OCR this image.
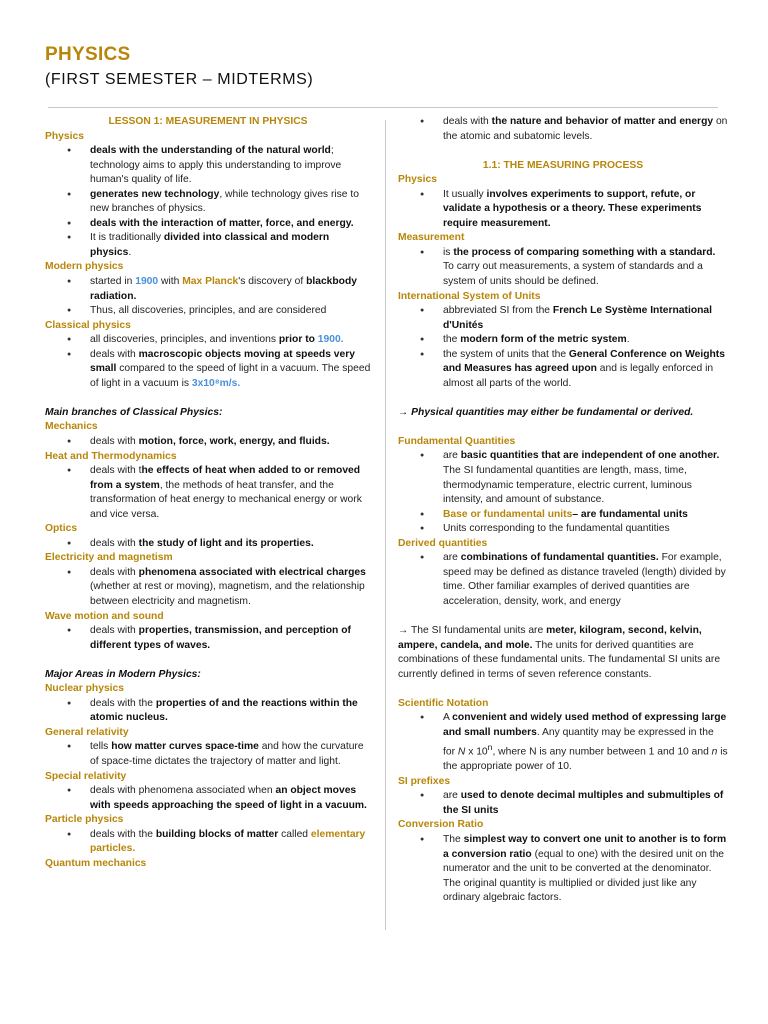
PHYSICS
(FIRST SEMESTER – MIDTERMS)
LESSON 1: MEASUREMENT IN PHYSICS
Physics
● deals with the understanding of the natural world; technology aims to apply this understanding to improve human's quality of life.
● generates new technology, while technology gives rise to new branches of physics.
● deals with the interaction of matter, force, and energy.
● It is traditionally divided into classical and modern physics.
Modern physics
● started in 1900 with Max Planck's discovery of blackbody radiation.
● Thus, all discoveries, principles, and are considered
Classical physics
● all discoveries, principles, and inventions prior to 1900.
● deals with macroscopic objects moving at speeds very small compared to the speed of light in a vacuum. The speed of light in a vacuum is 3x10⁸m/s.
Main branches of Classical Physics:
Mechanics
● deals with motion, force, work, energy, and fluids.
Heat and Thermodynamics
● deals with the effects of heat when added to or removed from a system, the methods of heat transfer, and the transformation of heat energy to mechanical energy or work and vice versa.
Optics
● deals with the study of light and its properties.
Electricity and magnetism
● deals with phenomena associated with electrical charges (whether at rest or moving), magnetism, and the relationship between electricity and magnetism.
Wave motion and sound
● deals with properties, transmission, and perception of different types of waves.
Major Areas in Modern Physics:
Nuclear physics
● deals with the properties of and the reactions within the atomic nucleus.
General relativity
● tells how matter curves space-time and how the curvature of space-time dictates the trajectory of matter and light.
Special relativity
● deals with phenomena associated when an object moves with speeds approaching the speed of light in a vacuum.
Particle physics
● deals with the building blocks of matter called elementary particles.
Quantum mechanics
● deals with the nature and behavior of matter and energy on the atomic and subatomic levels.
1.1: THE MEASURING PROCESS
Physics
● It usually involves experiments to support, refute, or validate a hypothesis or a theory. These experiments require measurement.
Measurement
● is the process of comparing something with a standard. To carry out measurements, a system of standards and a system of units should be defined.
International System of Units
● abbreviated SI from the French Le Système International d'Unités
● the modern form of the metric system.
● the system of units that the General Conference on Weights and Measures has agreed upon and is legally enforced in almost all parts of the world.
→ Physical quantities may either be fundamental or derived.
Fundamental Quantities
● are basic quantities that are independent of one another. The SI fundamental quantities are length, mass, time, thermodynamic temperature, electric current, luminous intensity, and amount of substance.
● Base or fundamental units– are fundamental units
● Units corresponding to the fundamental quantities
Derived quantities
● are combinations of fundamental quantities. For example, speed may be defined as distance traveled (length) divided by time. Other familiar examples of derived quantities are acceleration, density, work, and energy
→ The SI fundamental units are meter, kilogram, second, kelvin, ampere, candela, and mole. The units for derived quantities are combinations of these fundamental units. The fundamental SI units are currently defined in terms of seven reference constants.
Scientific Notation
● A convenient and widely used method of expressing large and small numbers. Any quantity may be expressed in the for N x 10$^n$, where N is any number between 1 and 10 and n is the appropriate power of 10.
SI prefixes
● are used to denote decimal multiples and submultiples of the SI units
Conversion Ratio
● The simplest way to convert one unit to another is to form a conversion ratio (equal to one) with the desired unit on the numerator and the unit to be converted at the denominator. The original quantity is multiplied or divided just like any ordinary algebraic factors.
